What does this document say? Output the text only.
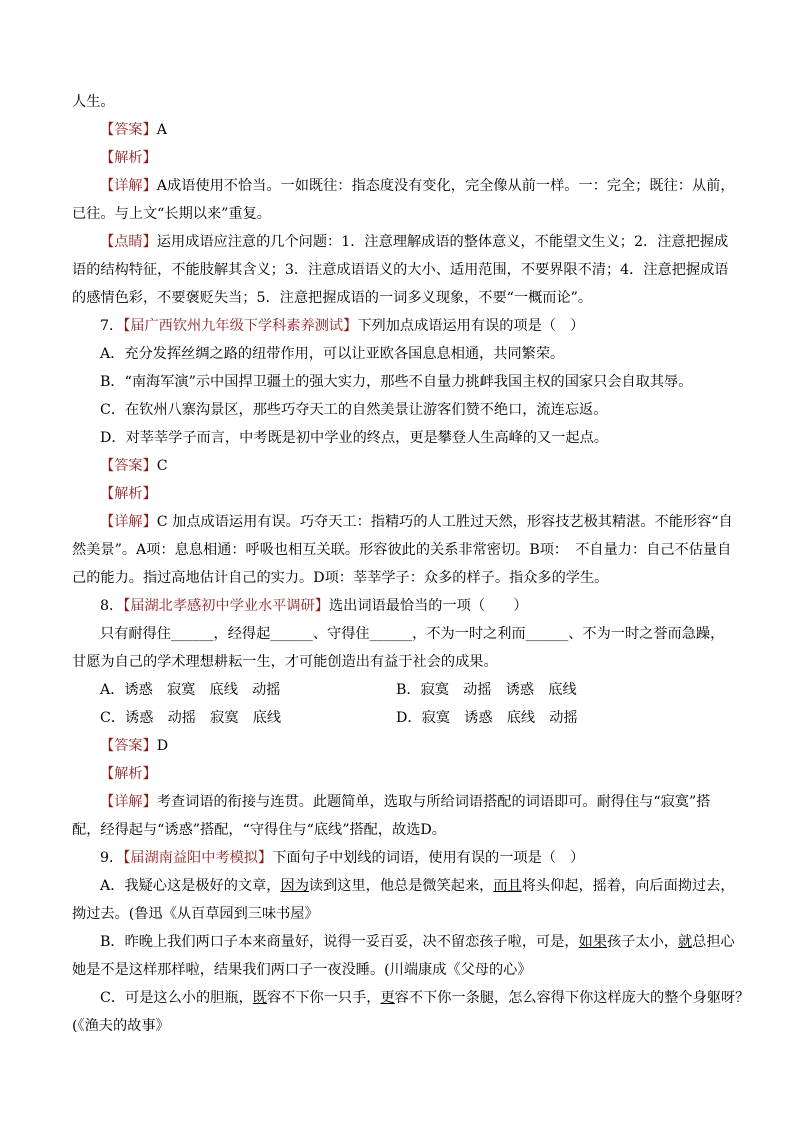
人生。
【答案】A
【解析】
【详解】A成语使用不恰当。一如既往：指态度没有变化，完全像从前一样。一：完全；既往：从前，
已往。与上文“长期以来”重复。
【点睛】运用成语应注意的几个问题：1．注意理解成语的整体意义，不能望文生义；2．注意把握成
语的结构特征，不能肢解其含义；3．注意成语语义的大小、适用范围，不要界限不清；4．注意把握成语
的感情色彩，不要褒贬失当；5．注意把握成语的一词多义现象，不要“一概而论”。
7．【届广西钦州九年级下学科素养测试】下列加点成语运用有误的项是（　）
A．充分发挥丝绸之路的纽带作用，可以让亚欧各国息息相通，共同繁荣。
B．“南海军演”示中国捍卫疆土的强大实力，那些不自量力挑衅我国主权的国家只会自取其辱。
C．在钦州八寨沟景区，那些巧夺天工的自然美景让游客们赞不绝口，流连忘返。
D．对莘莘学子而言，中考既是初中学业的终点，更是攀登人生高峰的又一起点。
【答案】C
【解析】
【详解】C 加点成语运用有误。巧夺天工：指精巧的人工胜过天然，形容技艺极其精湛。不能形容“自
然美景”。A项：息息相通：呼吸也相互关联。形容彼此的关系非常密切。B项：　不自量力：自己不估量自
己的能力。指过高地估计自己的实力。D项：莘莘学子：众多的样子。指众多的学生。
8．【届湖北孝感初中学业水平调研】选出词语最恰当的一项（　　）
只有耐得住______，经得起______、守得住______，不为一时之利而______、不为一时之誉而急躁，
甘愿为自己的学术理想耕耘一生，才可能创造出有益于社会的成果。
A．诱惑　寂寞　底线　动摇	B．寂寞　动摇　诱惑　底线
C．诱惑　动摇　寂寞　底线	D．寂寞　诱惑　底线　动摇
【答案】D
【解析】
【详解】考查词语的衔接与连贯。此题简单，选取与所给词语搭配的词语即可。耐得住与“寂寞”搭
配，经得起与“诱惑”搭配，“守得住与“底线”搭配，故选D。
9．【届湖南益阳中考模拟】下面句子中划线的词语，使用有误的一项是（　）
A．我疑心这是极好的文章，因为读到这里，他总是微笑起来，而且将头仰起，摇着，向后面拗过去，
拗过去。(鲁迅《从百草园到三味书屋》
B．昨晚上我们两口子本来商量好，说得一妥百妥，决不留恋孩子啦，可是，如果孩子太小，就总担心
她是不是这样那样啦，结果我们两口子一夜没睡。(川端康成《父母的心》
C．可是这么小的胆瓶，既容不下你一只手，更容不下你一条腿，怎么容得下你这样庞大的整个身躯呀？
(《渔夫的故事》
